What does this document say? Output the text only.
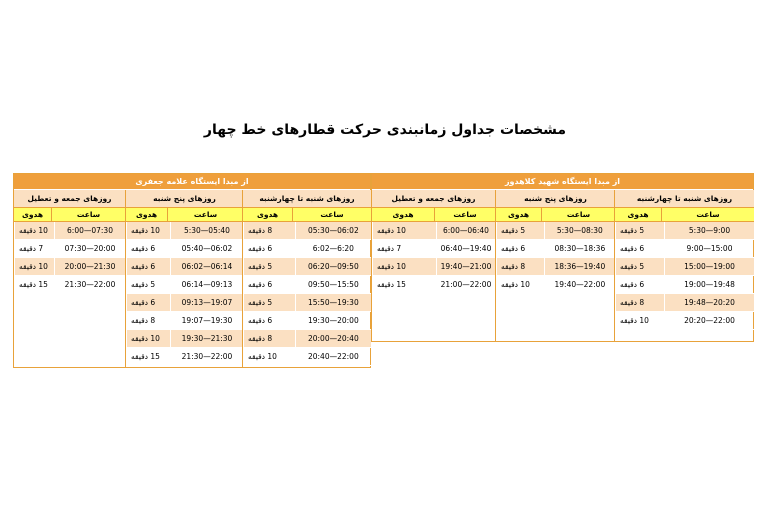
مشخصات جداول زمانبندی حرکت قطارهای خط چهار
از مبدا ایستگاه شهید کلاهدوز
روزهای جمعه و تعطیل
هدوی	ساعت
10 دقیقه	6:00—06:40
7 دقیقه	06:40—19:40
10 دقیقه	19:40—21:00
15 دقیقه	21:00—22:00
روزهای پنج شنبه
هدوی	ساعت
5 دقیقه	5:30—08:30
6 دقیقه	08:30—18:36
8 دقیقه	18:36—19:40
10 دقیقه	19:40—22:00
روزهای شنبه تا چهارشنبه
هدوی	ساعت
5 دقیقه	5:30—9:00
6 دقیقه	9:00—15:00
5 دقیقه	15:00—19:00
6 دقیقه	19:00—19:48
8 دقیقه	19:48—20:20
10 دقیقه	20:20—22:00
از مبدا ایستگاه علامه جعفری
روزهای جمعه و تعطیل
هدوی	ساعت
10 دقیقه	6:00—07:30
7 دقیقه	07:30—20:00
10 دقیقه	20:00—21:30
15 دقیقه	21:30—22:00
روزهای پنج شنبه
هدوی	ساعت
10 دقیقه	5:30—05:40
6 دقیقه	05:40—06:02
6 دقیقه	06:02—06:14
5 دقیقه	06:14—09:13
6 دقیقه	09:13—19:07
8 دقیقه	19:07—19:30
10 دقیقه	19:30—21:30
15 دقیقه	21:30—22:00
روزهای شنبه تا چهارشنبه
هدوی	ساعت
8 دقیقه	05:30—06:02
6 دقیقه	6:02—6:20
5 دقیقه	06:20—09:50
6 دقیقه	09:50—15:50
5 دقیقه	15:50—19:30
6 دقیقه	19:30—20:00
8 دقیقه	20:00—20:40
10 دقیقه	20:40—22:00
